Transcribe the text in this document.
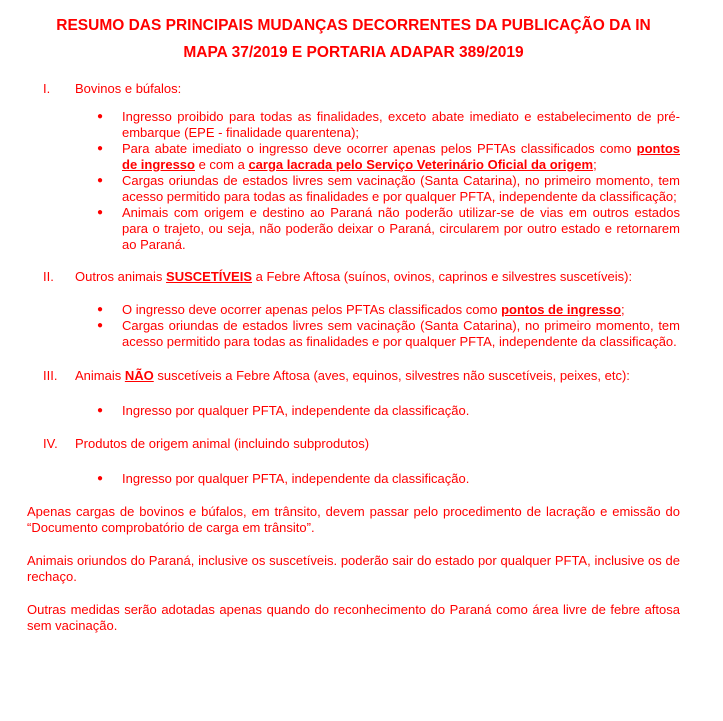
RESUMO DAS PRINCIPAIS MUDANÇAS DECORRENTES DA PUBLICAÇÃO DA IN
MAPA 37/2019 E PORTARIA ADAPAR 389/2019
I.	Bovinos e búfalos:
● Ingresso proibido para todas as finalidades, exceto abate imediato e estabelecimento de pré-embarque (EPE - finalidade quarentena);
● Para abate imediato o ingresso deve ocorrer apenas pelos PFTAs classificados como pontos de ingresso e com a carga lacrada pelo Serviço Veterinário Oficial da origem;
● Cargas oriundas de estados livres sem vacinação (Santa Catarina), no primeiro momento, tem acesso permitido para todas as finalidades e por qualquer PFTA, independente da classificação;
● Animais com origem e destino ao Paraná não poderão utilizar-se de vias em outros estados para o trajeto, ou seja, não poderão deixar o Paraná, circularem por outro estado e retornarem ao Paraná.
II.	Outros animais SUSCETÍVEIS a Febre Aftosa (suínos, ovinos, caprinos e silvestres suscetíveis):
● O ingresso deve ocorrer apenas pelos PFTAs classificados como pontos de ingresso;
● Cargas oriundas de estados livres sem vacinação (Santa Catarina), no primeiro momento, tem acesso permitido para todas as finalidades e por qualquer PFTA, independente da classificação.
III.	Animais NÃO suscetíveis a Febre Aftosa (aves, equinos, silvestres não suscetíveis, peixes, etc):
● Ingresso por qualquer PFTA, independente da classificação.
IV.	Produtos de origem animal (incluindo subprodutos)
● Ingresso por qualquer PFTA, independente da classificação.

Apenas cargas de bovinos e búfalos, em trânsito, devem passar pelo procedimento de lacração e emissão do “Documento comprobatório de carga em trânsito”.

Animais oriundos do Paraná, inclusive os suscetíveis. poderão sair do estado por qualquer PFTA, inclusive os de rechaço.

Outras medidas serão adotadas apenas quando do reconhecimento do Paraná como área livre de febre aftosa sem vacinação.
